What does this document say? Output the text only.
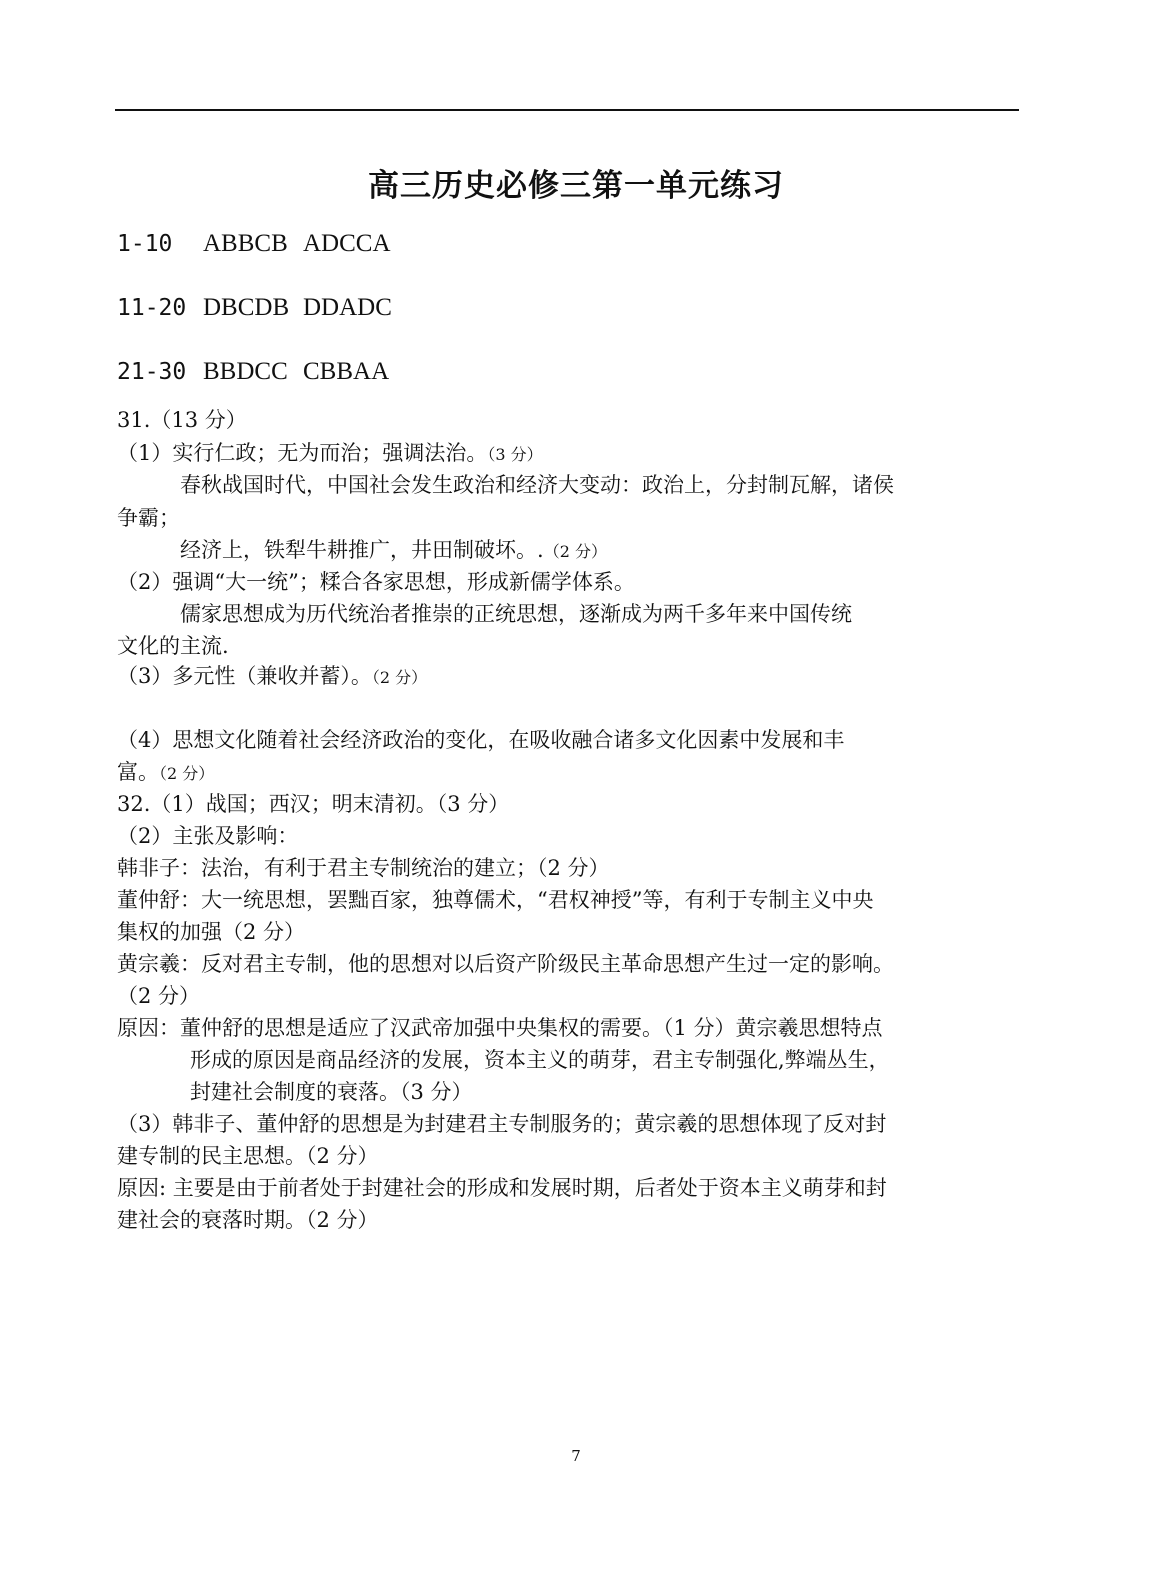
高三历史必修三第一单元练习
1-10 ABBCB ADCCA
11-20 DBCDB DDADC
21-30 BBDCC CBBAA
31.（13 分）
（1）实行仁政；无为而治；强调法治。（3 分）
春秋战国时代，中国社会发生政治和经济大变动：政治上，分封制瓦解，诸侯
争霸；
经济上，铁犁牛耕推广，井田制破坏。.（2 分）
（2）强调“大一统”；糅合各家思想，形成新儒学体系。
儒家思想成为历代统治者推崇的正统思想，逐渐成为两千多年来中国传统
文化的主流.
（3）多元性（兼收并蓄）。（2 分）
（4）思想文化随着社会经济政治的变化，在吸收融合诸多文化因素中发展和丰
富。（2 分）
32.（1）战国；西汉；明末清初。（3 分）
（2）主张及影响：
韩非子：法治，有利于君主专制统治的建立；（2 分）
董仲舒：大一统思想，罢黜百家，独尊儒术，“君权神授”等，有利于专制主义中央
集权的加强（2 分）
黄宗羲：反对君主专制，他的思想对以后资产阶级民主革命思想产生过一定的影响。
（2 分）
原因：董仲舒的思想是适应了汉武帝加强中央集权的需要。（1 分）黄宗羲思想特点
形成的原因是商品经济的发展，资本主义的萌芽，君主专制强化,弊端丛生，
封建社会制度的衰落。（3 分）
（3）韩非子、董仲舒的思想是为封建君主专制服务的；黄宗羲的思想体现了反对封
建专制的民主思想。（2 分）
原因: 主要是由于前者处于封建社会的形成和发展时期，后者处于资本主义萌芽和封
建社会的衰落时期。（2 分）
7
